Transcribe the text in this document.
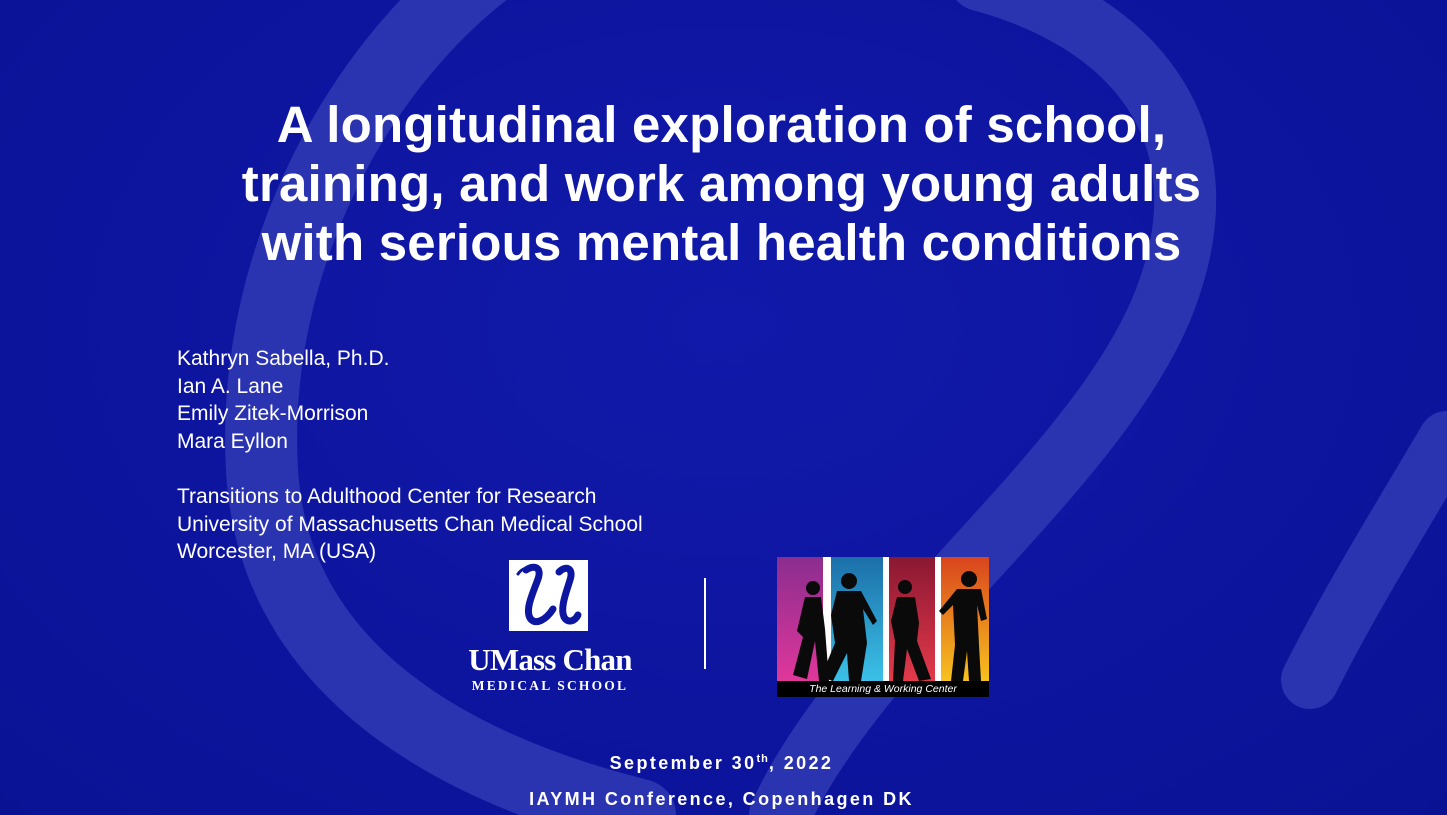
A longitudinal exploration of school,
training, and work among young adults
with serious mental health conditions
Kathryn Sabella, Ph.D.
Ian A. Lane
Emily Zitek-Morrison
Mara Eyllon
Transitions to Adulthood Center for Research
University of Massachusetts Chan Medical School
Worcester, MA (USA)
UMass Chan
MEDICAL SCHOOL	The Learning & Working Center
September 30th, 2022
IAYMH Conference, Copenhagen DK
